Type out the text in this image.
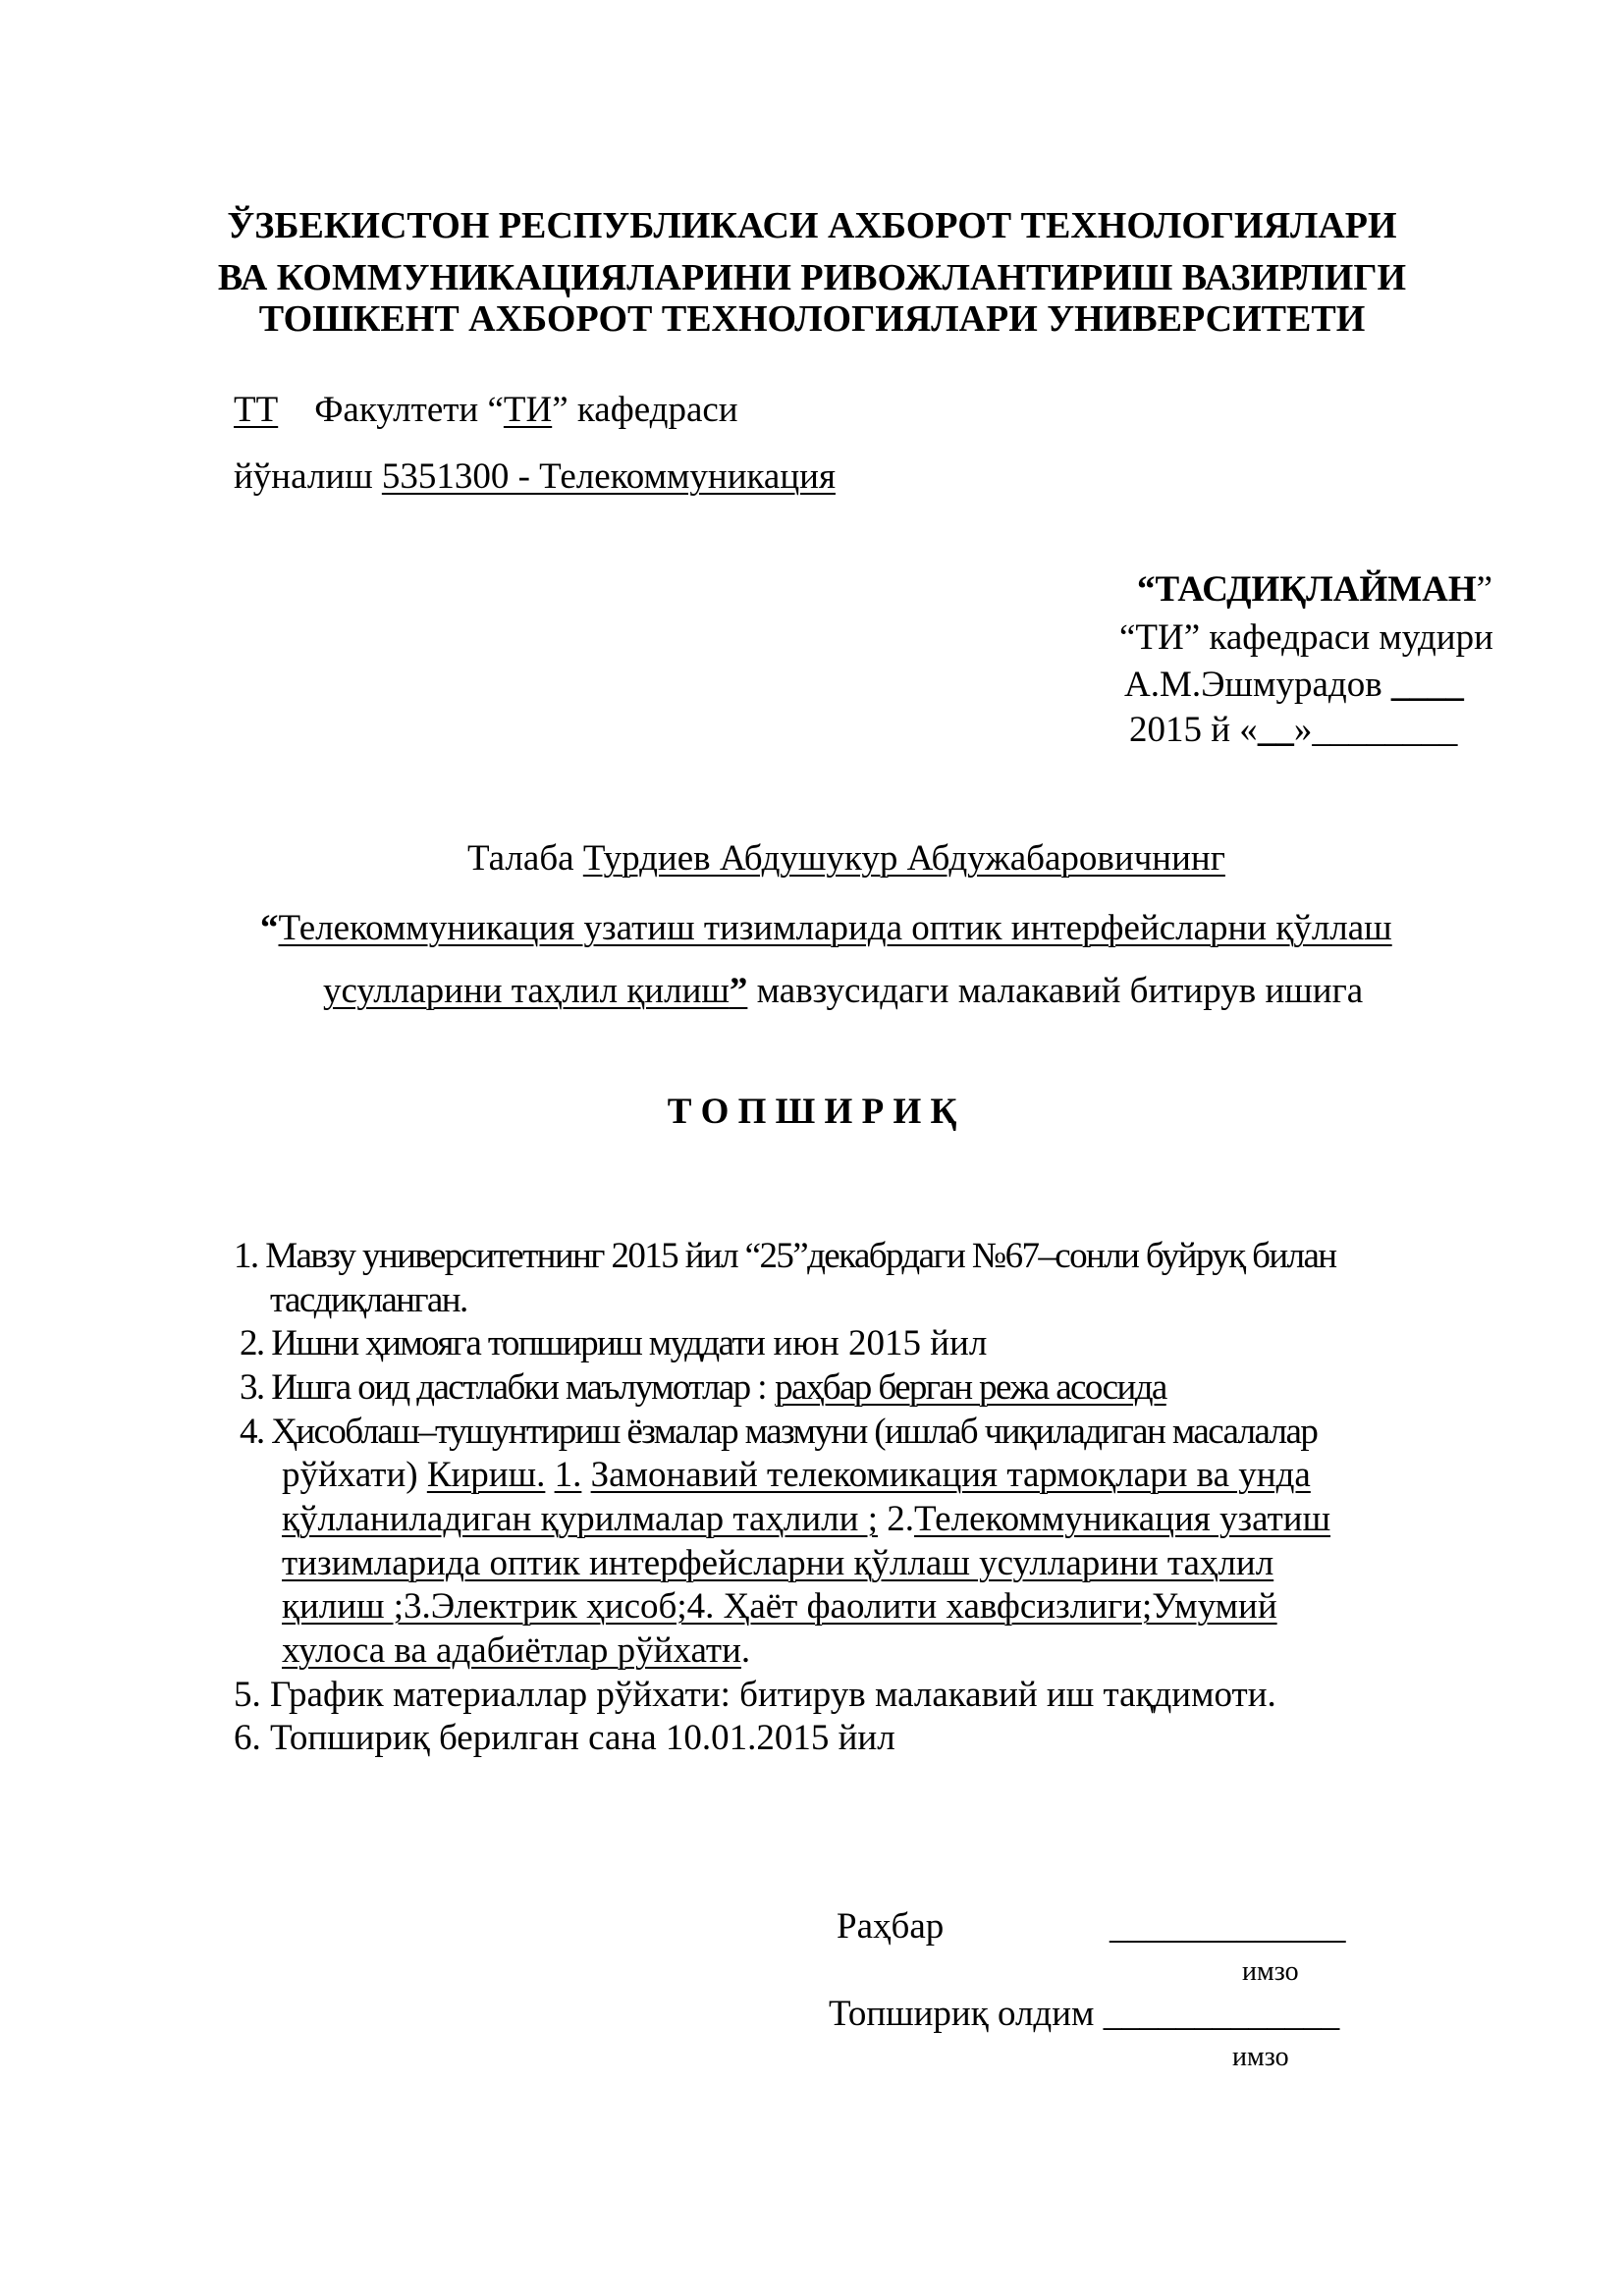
ЎЗБЕКИСТОН РЕСПУБЛИКАСИ АХБОРОТ ТЕХНОЛОГИЯЛАРИ
ВА КОММУНИКАЦИЯЛАРИНИ РИВОЖЛАНТИРИШ ВАЗИРЛИГИ
ТОШКЕНТ АХБОРОТ ТЕХНОЛОГИЯЛАРИ УНИВЕРСИТЕТИ
ТТ Факултети “ТИ” кафедраси
йўналиш 5351300 - Телекоммуникация
“ТАСДИҚЛАЙМАН”
“ТИ” кафедраси мудири
А.М.Эшмурадов ____
2015 й «__»________
Талаба Турдиев Абдушукур Абдужабаровичнинг
“Телекоммуникация узатиш тизимларида оптик интерфейсларни қўллаш
усулларини таҳлил қилиш” мавзусидаги малакавий битирув ишига
Т О П Ш И Р И Қ
1. Мавзу университетнинг 2015 йил “25”декабрдаги №67–сонли буйруқ билан
тасдиқланган.
2. Ишни ҳимояга топшириш муддати июн 2015 йил
3. Ишга оид дастлабки маълумотлар : раҳбар берган режа асосида
4. Ҳисоблаш–тушунтириш ёзмалар мазмуни (ишлаб чиқиладиган масалалар
рўйхати) Кириш. 1. Замонавий телекомикация тармоқлари ва унда
қўлланиладиган қурилмалар таҳлили ; 2.Телекоммуникация узатиш
тизимларида оптик интерфейсларни қўллаш усулларини таҳлил
қилиш ;3.Электрик ҳисоб;4. Ҳаёт фаолити хавфсизлиги;Умумий
хулоса ва адабиётлар рўйхати.
5. График материаллар рўйхати: битирув малакавий иш тақдимоти.
6. Топшириқ берилган сана 10.01.2015 йил
Раҳбар	_____________
имзо
Топшириқ олдим _____________
имзо
